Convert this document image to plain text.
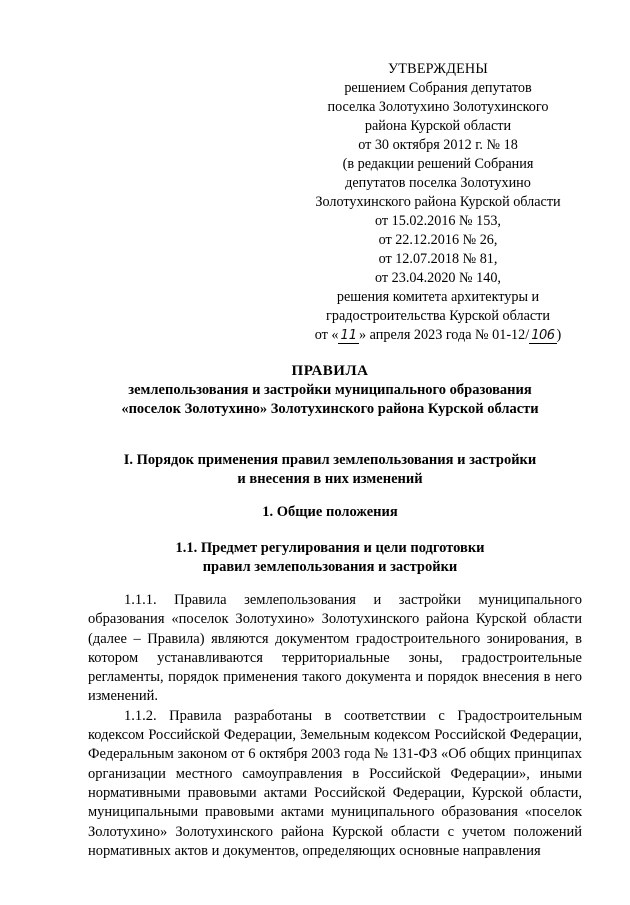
УТВЕРЖДЕНЫ
решением Собрания депутатов
поселка Золотухино Золотухинского
района Курской области
от 30 октября 2012 г. № 18
(в редакции решений Собрания
депутатов поселка Золотухино
Золотухинского района Курской области
от 15.02.2016 № 153,
от 22.12.2016 № 26,
от 12.07.2018 № 81,
от 23.04.2020 № 140,
решения комитета архитектуры и
градостроительства Курской области
от « 11 » апреля 2023 года № 01-12/ 106 )
ПРАВИЛА
землепользования и застройки муниципального образования
«поселок Золотухино» Золотухинского района Курской области
I. Порядок применения правил землепользования и застройки
и внесения в них изменений
1. Общие положения
1.1. Предмет регулирования и цели подготовки
правил землепользования и застройки

1.1.1. Правила землепользования и застройки муниципального образования «поселок Золотухино» Золотухинского района Курской области (далее – Правила) являются документом градостроительного зонирования, в котором устанавливаются территориальные зоны, градостроительные регламенты, порядок применения такого документа и порядок внесения в него изменений.

1.1.2. Правила разработаны в соответствии с Градостроительным кодексом Российской Федерации, Земельным кодексом Российской Федерации, Федеральным законом от 6 октября 2003 года № 131-ФЗ «Об общих принципах организации местного самоуправления в Российской Федерации», иными нормативными правовыми актами Российской Федерации, Курской области, муниципальными правовыми актами муниципального образования «поселок Золотухино» Золотухинского района Курской области с учетом положений нормативных актов и документов, определяющих основные направления
